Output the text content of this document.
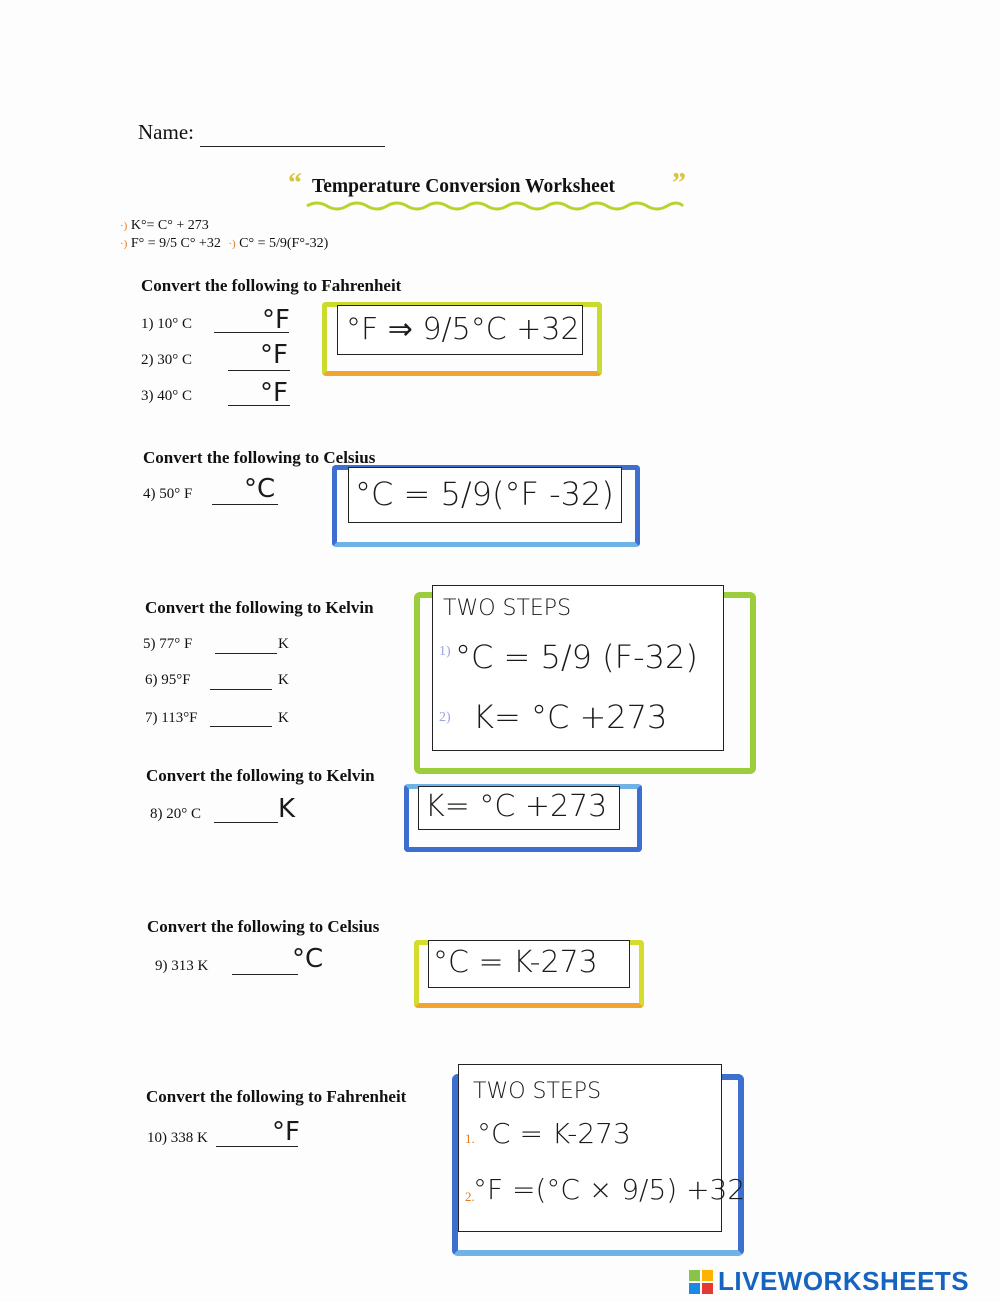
Name:
“ Temperature Conversion Worksheet ”
·) K°= C° + 273
·) F° = 9/5 C° +32 ·) C° = 5/9(F°-32)
Convert the following to Fahrenheit
1) 10° C	°F
2) 30° C	°F
3) 40° C	°F
°F ⇒ 9/5°C +32
Convert the following to Celsius
4) 50° F °C °C = 5/9(°F -32)
Convert the following to Kelvin
5) 77° F	K
6) 95°F	K
7) 113°F	K
TWO STEPS
1) °C = 5/9 (F-32)
2) K= °C +273
Convert the following to Kelvin
8) 20° C	K	K= °C +273
Convert the following to Celsius
9) 313 K	°C	°C = K-273
Convert the following to Fahrenheit
10) 338 K °F
TWO STEPS
1. °C = K-273
2.
°F =(°C × 9/5) +32
LIVEWORKSHEETS
